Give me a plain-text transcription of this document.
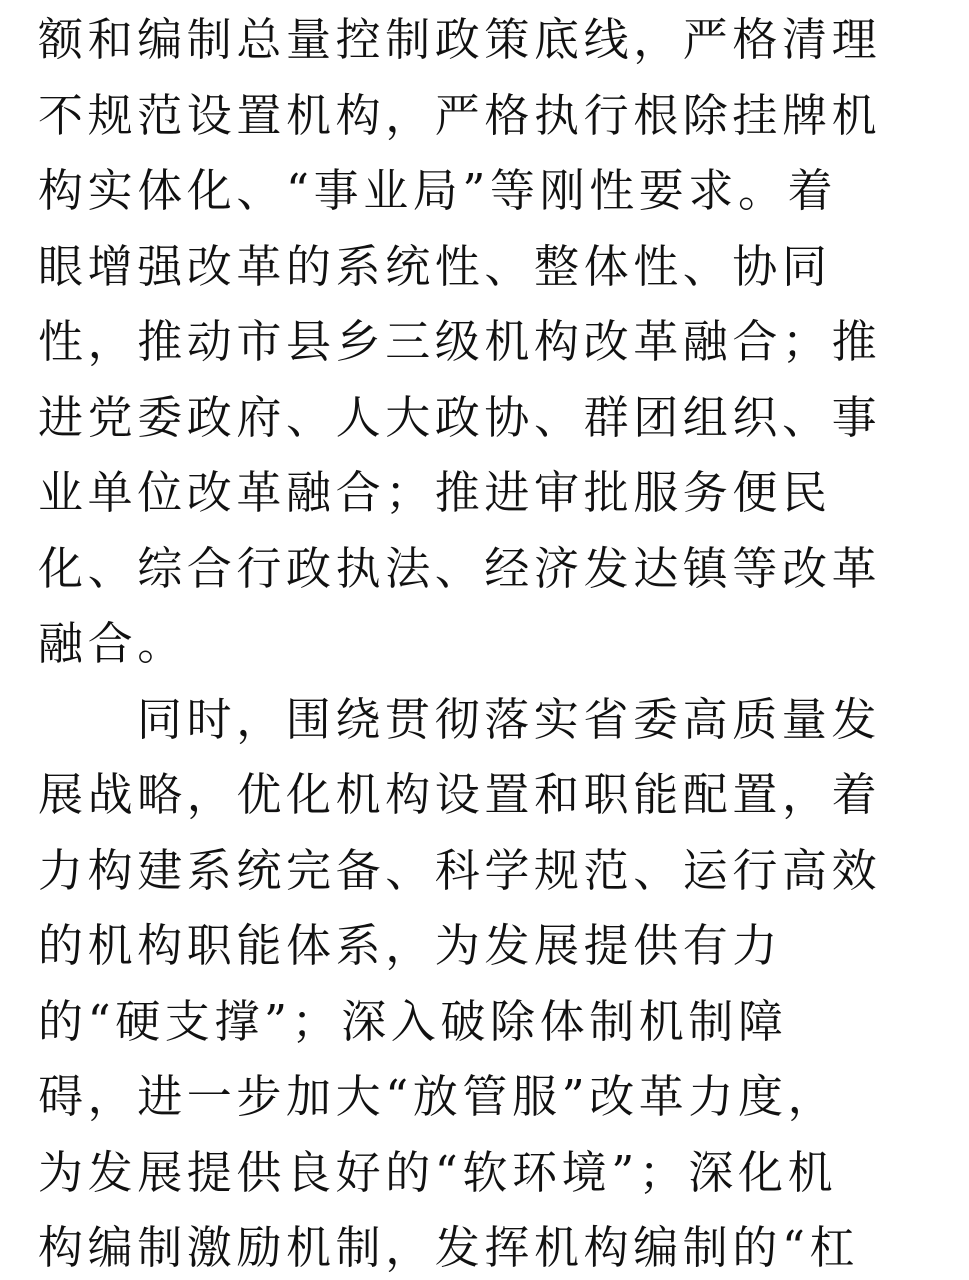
额和编制总量控制政策底线，严格清理
不规范设置机构，严格执行根除挂牌机
构实体化、“事业局”等刚性要求。着
眼增强改革的系统性、整体性、协同
性，推动市县乡三级机构改革融合；推
进党委政府、人大政协、群团组织、事
业单位改革融合；推进审批服务便民
化、综合行政执法、经济发达镇等改革
融合。
同时，围绕贯彻落实省委高质量发
展战略，优化机构设置和职能配置，着
力构建系统完备、科学规范、运行高效
的机构职能体系，为发展提供有力
的“硬支撑”；深入破除体制机制障
碍，进一步加大“放管服”改革力度，
为发展提供良好的“软环境”；深化机
构编制激励机制，发挥机构编制的“杠
